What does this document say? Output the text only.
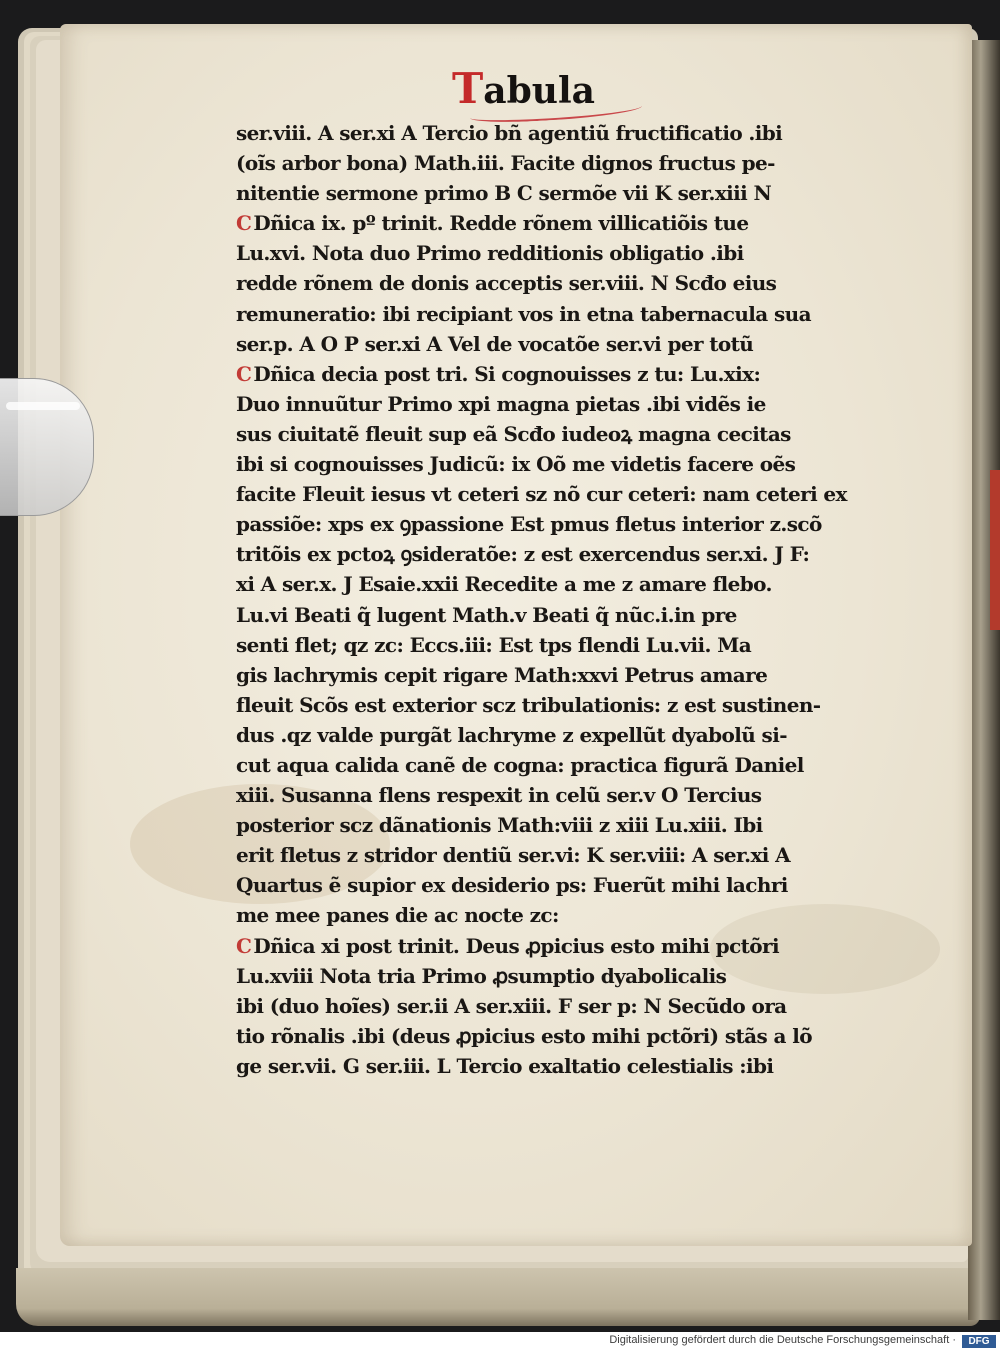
Tabula
ser.viii. A ser.xi A Tercio bñ agentiũ fructificatio .ibi
(oĩs arbor bona) Math.iii. Facite dignos fructus pe-
nitentie sermone primo B C sermõe vii K ser.xiii N
C Dñica ix. pº trinit. Redde rõnem villicatiõis tue
Lu.xvi. Nota duo Primo redditionis obligatio .ibi
redde rõnem de donis acceptis ser.viii. N Scđo eius
remuneratio: ibi recipiant vos in etna tabernacula sua
ser.p. A O P ser.xi A Vel de vocatõe ser.vi per totũ
C Dñica decia post tri. Si cognouisses z tu: Lu.xix:
Duo innuũtur Primo xpi magna pietas .ibi vidẽs ie
sus ciuitatẽ fleuit sup eã Scđo iudeoꝝ magna cecitas
ibi si cognouisses Judicũ: ix Oõ me videtis facere oẽs
facite Fleuit iesus vt ceteri sz nõ cur ceteri: nam ceteri ex
passiõe: xps ex ꝯpassione Est pmus fletus interior z.scõ
tritõis ex pctoꝝ ꝯsideratõe: z est exercendus ser.xi. J F:
xi A ser.x. J Esaie.xxii Recedite a me z amare flebo.
Lu.vi Beati q̃ lugent Math.v Beati q̃ nũc.i.in pre
senti flet; qz zc: Eccs.iii: Est tps flendi Lu.vii. Ma
gis lachrymis cepit rigare Math:xxvi Petrus amare
fleuit Scõs est exterior scz tribulationis: z est sustinen-
dus .qz valde purgãt lachryme z expellũt dyabolũ si-
cut aqua calida canẽ de cogna: practica figurã Daniel
xiii. Susanna flens respexit in celũ ser.v O Tercius
posterior scz dãnationis Math:viii z xiii Lu.xiii. Ibi
erit fletus z stridor dentiũ ser.vi: K ser.viii: A ser.xi A
Quartus ẽ supior ex desiderio ps: Fuerũt mihi lachri
me mee panes die ac nocte zc:
C Dñica xi post trinit. Deus ꝓpicius esto mihi pctõri
Lu.xviii Nota tria Primo ꝓsumptio dyabolicalis
ibi (duo hoĩes) ser.ii A ser.xiii. F ser p: N Secũdo ora
tio rõnalis .ibi (deus ꝓpicius esto mihi pctõri) stãs a lõ
ge ser.vii. G ser.iii. L Tercio exaltatio celestialis :ibi
Digitalisierung gefördert durch die Deutsche Forschungsgemeinschaft ·	DFG
